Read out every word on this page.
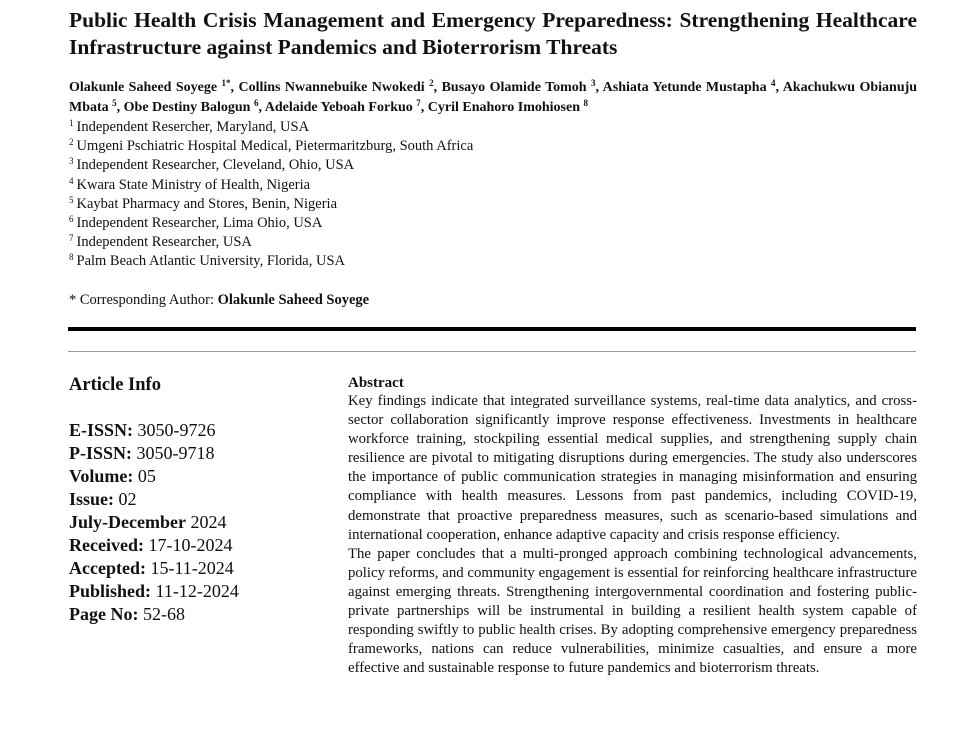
Public Health Crisis Management and Emergency Preparedness: Strengthening Healthcare Infrastructure against Pandemics and Bioterrorism Threats

Olakunle Saheed Soyege $^{1*}$, Collins Nwannebuike Nwokedi $^2$, Busayo Olamide Tomoh $^3$, Ashiata Yetunde Mustapha $^4$, Akachukwu Obianuju Mbata $^5$, Obe Destiny Balogun $^6$, Adelaide Yeboah Forkuo $^7$, Cyril Enahoro Imohiosen $^8$

$^1$ Independent Reserc​her, Maryland, USA
$^2$ Umgeni Pschiatric Hospital Medical, Pietermaritzburg, South Africa
$^3$ Independent Researcher, Cleveland, Ohio, USA
$^4$ Kwara State Ministry of Health, Nigeria
$^5$ Kaybat Pharmacy and Stores, Benin, Nigeria
$^6$ Independent Researcher, Lima Ohio, USA
$^7$ Independent Researcher, USA
$^8$ Palm Beach Atlantic University, Florida, USA

* Corresponding Author: Olakunle Saheed Soyege

Article Info
E-ISSN: 3050-9726
P-ISSN: 3050-9718
Volume: 05
Issue: 02
July-December 2024
Received: 17-10-2024
Accepted: 15-11-2024
Published: 11-12-2024
Page No: 52-68
Abstract

Key findings indicate that integrated surveillance systems, real-time data analytics, and cross-sector collaboration significantly improve response effectiveness. Investments in healthcare workforce training, stockpiling essential medical supplies, and strengthening supply chain resilience are pivotal to mitigating disruptions during emergencies. The study also underscores the importance of public communication strategies in managing misinformation and ensuring compliance with health measures. Lessons from past pandemics, including COVID-19, demonstrate that proactive preparedness measures, such as scenario-based simulations and international cooperation, enhance adaptive capacity and crisis response efficiency.

The paper concludes that a multi-pronged approach combining technological advancements, policy reforms, and community engagement is essential for reinforcing healthcare infrastructure against emerging threats. Strengthening intergovernmental coordination and fostering public-private partnerships will be instrumental in building a resilient health system capable of responding swiftly to public health crises. By adopting comprehensive emergency preparedness frameworks, nations can reduce vulnerabilities, minimize casualties, and ensure a more effective and sustainable response to future pandemics and bioterrorism threats.
